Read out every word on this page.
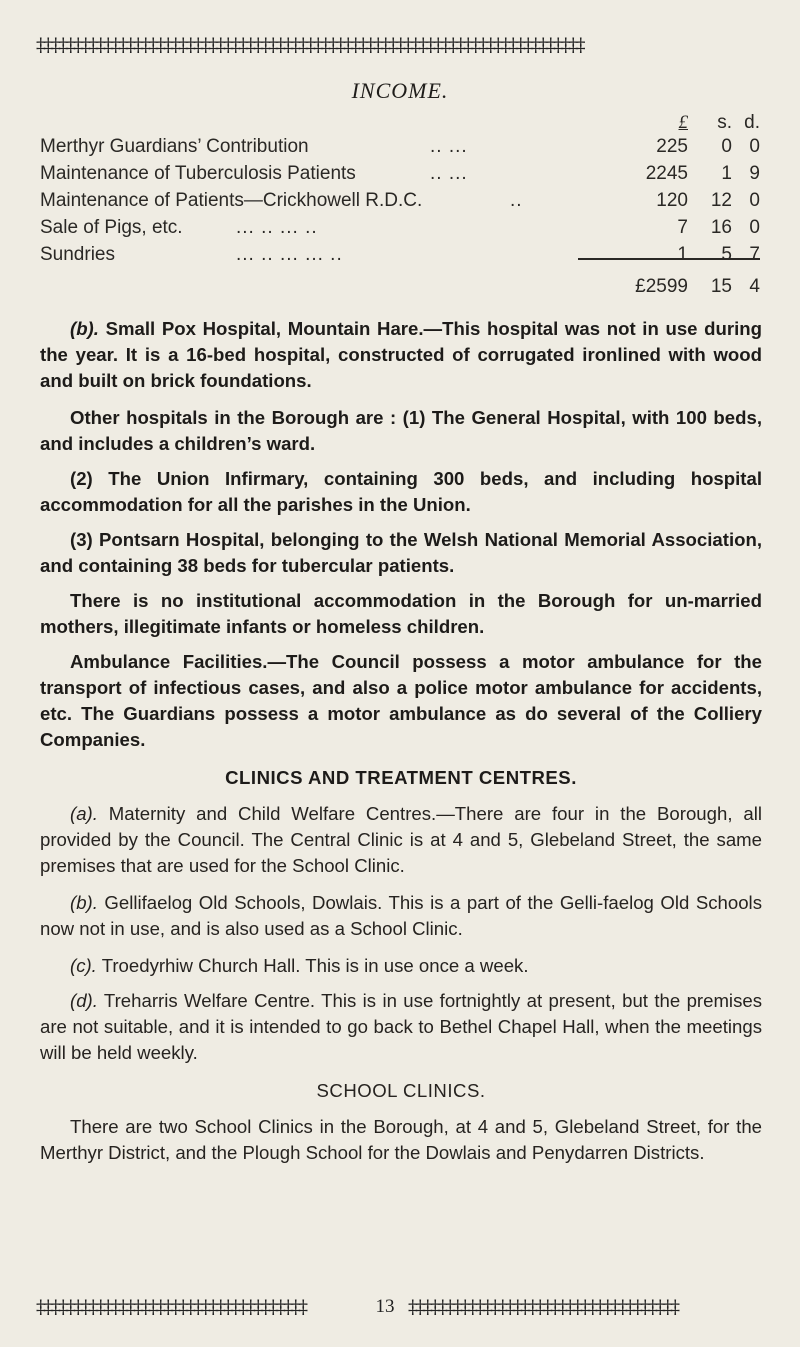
‡‡‡‡‡‡‡‡‡‡‡‡‡‡‡‡‡‡‡‡‡‡‡‡‡‡‡‡‡‡‡‡‡‡‡‡‡‡‡‡‡‡‡‡‡‡‡‡‡‡‡‡‡‡‡‡‡‡‡‡‡‡‡‡‡‡‡‡‡‡‡‡‡
INCOME.
£	s. d.
Merthyr Guardians’ Contribution	.. ...	225	0 0
Maintenance of Tuberculosis Patients	.. ...	2245	1 9
Maintenance of Patients—Crickhowell R.D.C.	..	120	12 0
Sale of Pigs, etc.	... .. ... ..	7	16 0
Sundries	... .. ... ... ..	1	5 7
£2599	15 4

(b). Small Pox Hospital, Mountain Hare.—This hospital was not in use during the year. It is a 16-bed hospital, constructed of corrugated ironlined with wood and built on brick foundations.

Other hospitals in the Borough are : (1) The General Hospital, with 100 beds, and includes a children’s ward.

(2) The Union Infirmary, containing 300 beds, and including hospital accommodation for all the parishes in the Union.

(3) Pontsarn Hospital, belonging to the Welsh National Memorial Association, and containing 38 beds for tubercular patients.

There is no institutional accommodation in the Borough for un-married mothers, illegitimate infants or homeless children.

Ambulance Facilities.—The Council possess a motor ambulance for the transport of infectious cases, and also a police motor ambulance for accidents, etc. The Guardians possess a motor ambulance as do several of the Colliery Companies.

CLINICS AND TREATMENT CENTRES.

(a). Maternity and Child Welfare Centres.—There are four in the Borough, all provided by the Council. The Central Clinic is at 4 and 5, Glebeland Street, the same premises that are used for the School Clinic.

(b). Gellifaelog Old Schools, Dowlais. This is a part of the Gelli-faelog Old Schools now not in use, and is also used as a School Clinic.

(c). Troedyrhiw Church Hall. This is in use once a week.

(d). Treharris Welfare Centre. This is in use fortnightly at present, but the premises are not suitable, and it is intended to go back to Bethel Chapel Hall, when the meetings will be held weekly.

SCHOOL CLINICS.

There are two School Clinics in the Borough, at 4 and 5, Glebeland Street, for the Merthyr District, and the Plough School for the Dowlais and Penydarren Districts.

‡‡‡‡‡‡‡‡‡‡‡‡‡‡‡‡‡‡‡‡‡‡‡‡‡‡‡‡‡‡‡‡‡‡‡‡	13 ‡‡‡‡‡‡‡‡‡‡‡‡‡‡‡‡‡‡‡‡‡‡‡‡‡‡‡‡‡‡‡‡‡‡‡‡
